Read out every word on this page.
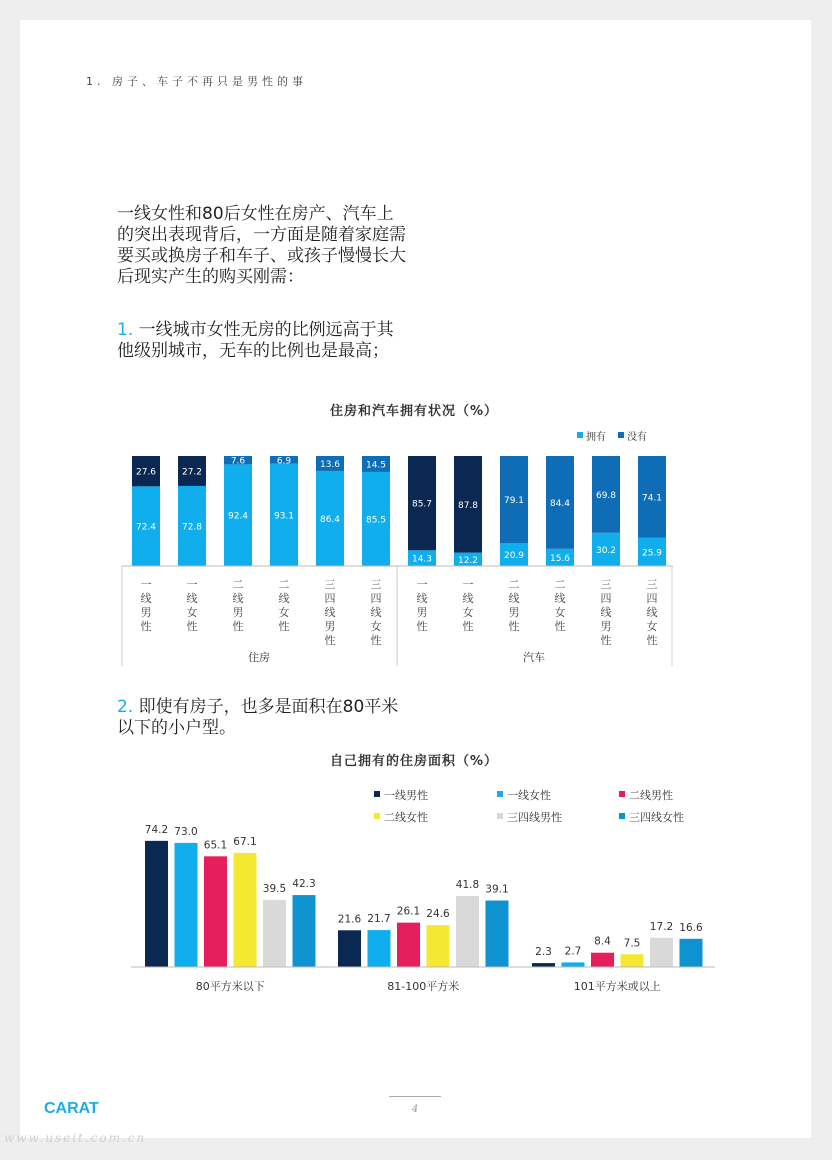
1. 房子、车子不再只是男性的事
一线女性和80后女性在房产、汽车上的突出表现背后，一方面是随着家庭需要买或换房子和车子、或孩子慢慢长大后现实产生的购买刚需：
1. 一线城市女性无房的比例远高于其他级别城市，无车的比例也是最高；
住房和汽车拥有状况（%）
拥有 没有
72.4
27.6
一线男性
72.8
27.2
一线女性
92.4
7.6
二线男性
93.1
6.9
二线女性
86.4
13.6
三四线男性
85.5
14.5
三四线女性
14.3
85.7
一线男性
12.2
87.8
一线女性
20.9
79.1
二线男性
15.6
84.4
二线女性
30.2
69.8
三四线男性
25.9
74.1
三四线女性
住房	汽车
2. 即使有房子，也多是面积在80平米以下的小户型。
自己拥有的住房面积（%）
一线男性	一线女性	二线男性
二线女性	三四线男性	三四线女性
74.2 73.0
65.1 67.1
39.5 42.3
80平方米以下
21.6 21.7
26.1 24.6
41.8 39.1
81-100平方米
2.3 2.7
8.4 7.5
17.2 16.6
101平方米或以上
CARAT	4
www.useit.com.cn
